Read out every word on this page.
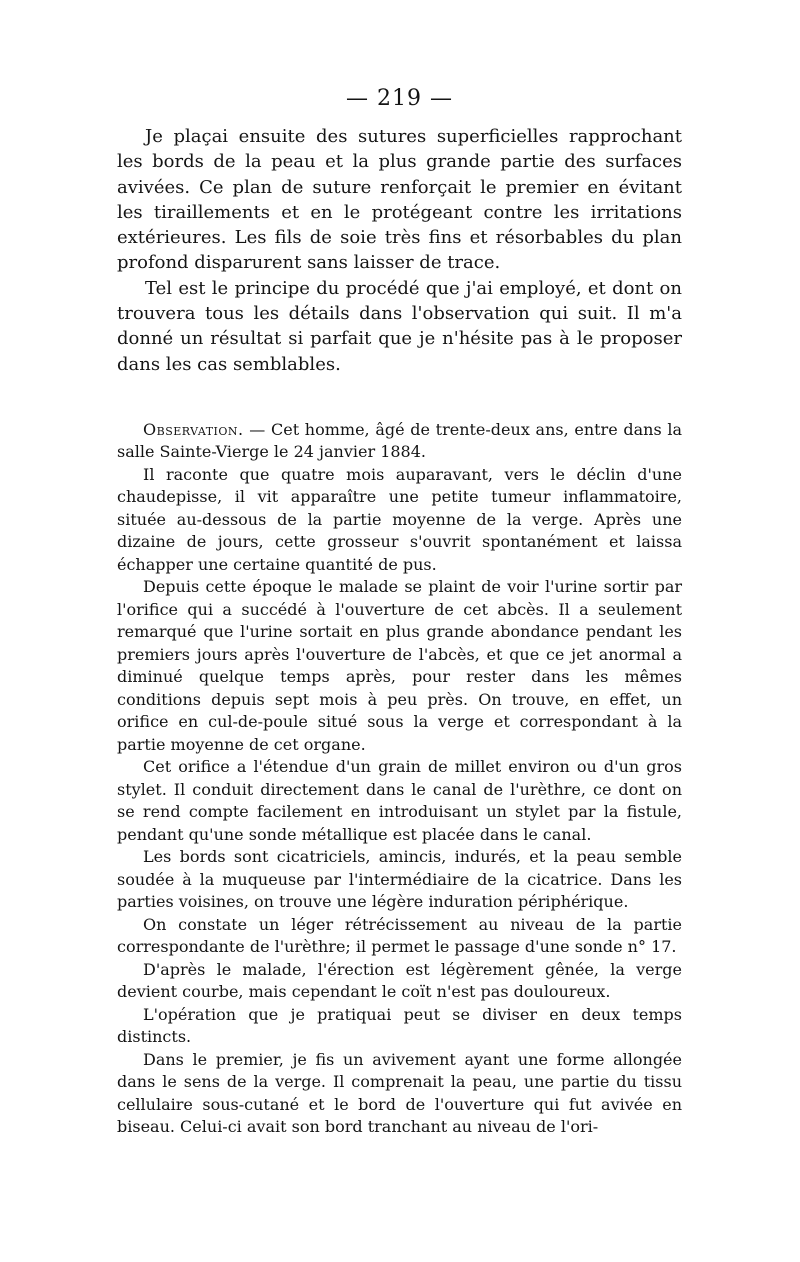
— 219 —

Je plaçai ensuite des sutures superficielles rapprochant les bords de la peau et la plus grande partie des surfaces avivées. Ce plan de suture renforçait le premier en évitant les tiraillements et en le protégeant contre les irritations extérieures. Les fils de soie très fins et résorbables du plan profond disparurent sans laisser de trace.

Tel est le principe du procédé que j'ai employé, et dont on trouvera tous les détails dans l'observation qui suit. Il m'a donné un résultat si parfait que je n'hésite pas à le proposer dans les cas semblables.

Observation. — Cet homme, âgé de trente-deux ans, entre dans la salle Sainte-Vierge le 24 janvier 1884.

Il raconte que quatre mois auparavant, vers le déclin d'une chaudepisse, il vit apparaître une petite tumeur inflammatoire, située au-dessous de la partie moyenne de la verge. Après une dizaine de jours, cette grosseur s'ouvrit spontanément et laissa échapper une certaine quantité de pus.

Depuis cette époque le malade se plaint de voir l'urine sortir par l'orifice qui a succédé à l'ouverture de cet abcès. Il a seulement remarqué que l'urine sortait en plus grande abondance pendant les premiers jours après l'ouverture de l'abcès, et que ce jet anormal a diminué quelque temps après, pour rester dans les mêmes conditions depuis sept mois à peu près. On trouve, en effet, un orifice en cul-de-poule situé sous la verge et correspondant à la partie moyenne de cet organe.

Cet orifice a l'étendue d'un grain de millet environ ou d'un gros stylet. Il conduit directement dans le canal de l'urèthre, ce dont on se rend compte facilement en introduisant un stylet par la fistule, pendant qu'une sonde métallique est placée dans le canal.

Les bords sont cicatriciels, amincis, indurés, et la peau semble soudée à la muqueuse par l'intermédiaire de la cicatrice. Dans les parties voisines, on trouve une légère induration périphérique.

On constate un léger rétrécissement au niveau de la partie correspondante de l'urèthre; il permet le passage d'une sonde n° 17.

D'après le malade, l'érection est légèrement gênée, la verge devient courbe, mais cependant le coït n'est pas douloureux.

L'opération que je pratiquai peut se diviser en deux temps distincts.

Dans le premier, je fis un avivement ayant une forme allongée dans le sens de la verge. Il comprenait la peau, une partie du tissu cellulaire sous-cutané et le bord de l'ouverture qui fut avivée en biseau. Celui-ci avait son bord tranchant au niveau de l'ori-
